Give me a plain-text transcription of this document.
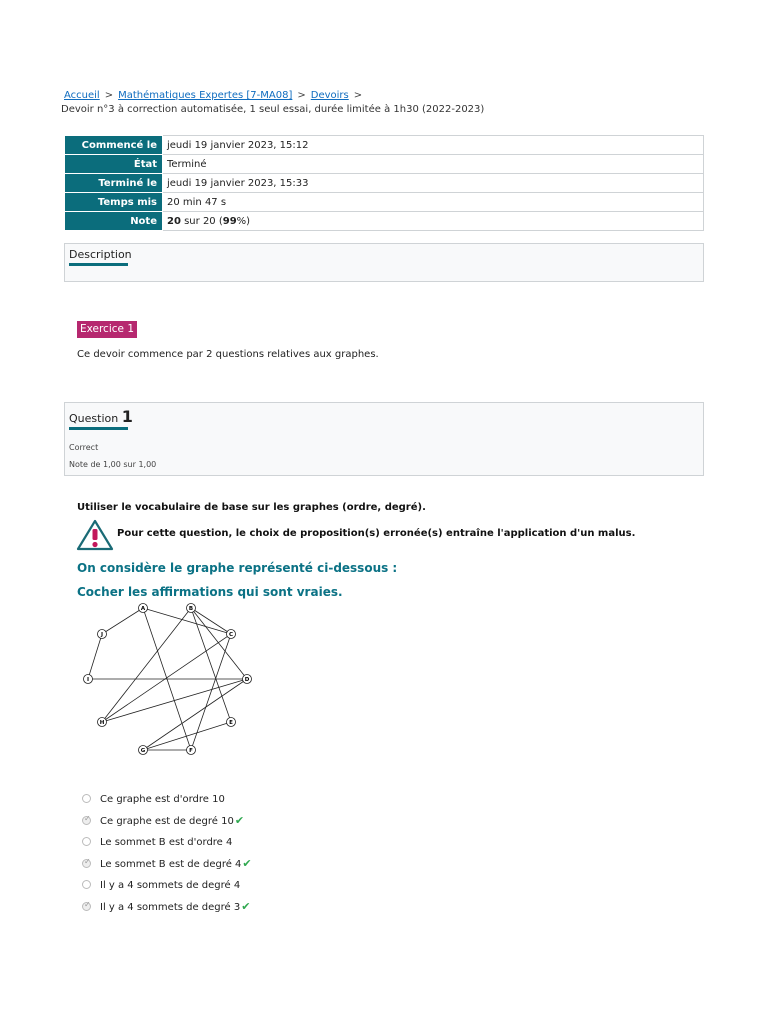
Accueil > Mathématiques Expertes [7-MA08] > Devoirs >
Devoir n°3 à correction automatisée, 1 seul essai, durée limitée à 1h30 (2022-2023)
Commencé le	jeudi 19 janvier 2023, 15:12
État	Terminé
Terminé le	jeudi 19 janvier 2023, 15:33
Temps mis	20 min 47 s
Note	20 sur 20 (99%)
Description
Exercice 1
Ce devoir commence par 2 questions relatives aux graphes.
Question 1
Correct
Note de 1,00 sur 1,00
Utiliser le vocabulaire de base sur les graphes (ordre, degré).
Pour cette question, le choix de proposition(s) erronée(s) entraîne l'application d'un malus.
On considère le graphe représenté ci-dessous :
Cocher les affirmations qui sont vraies.
A	B
C
D
E
F
G
H
I
J
Ce graphe est d'ordre 10
✓
Ce graphe est de degré 10✔
Le sommet B est d'ordre 4
✓
Le sommet B est de degré 4✔
Il y a 4 sommets de degré 4
✓
Il y a 4 sommets de degré 3✔
